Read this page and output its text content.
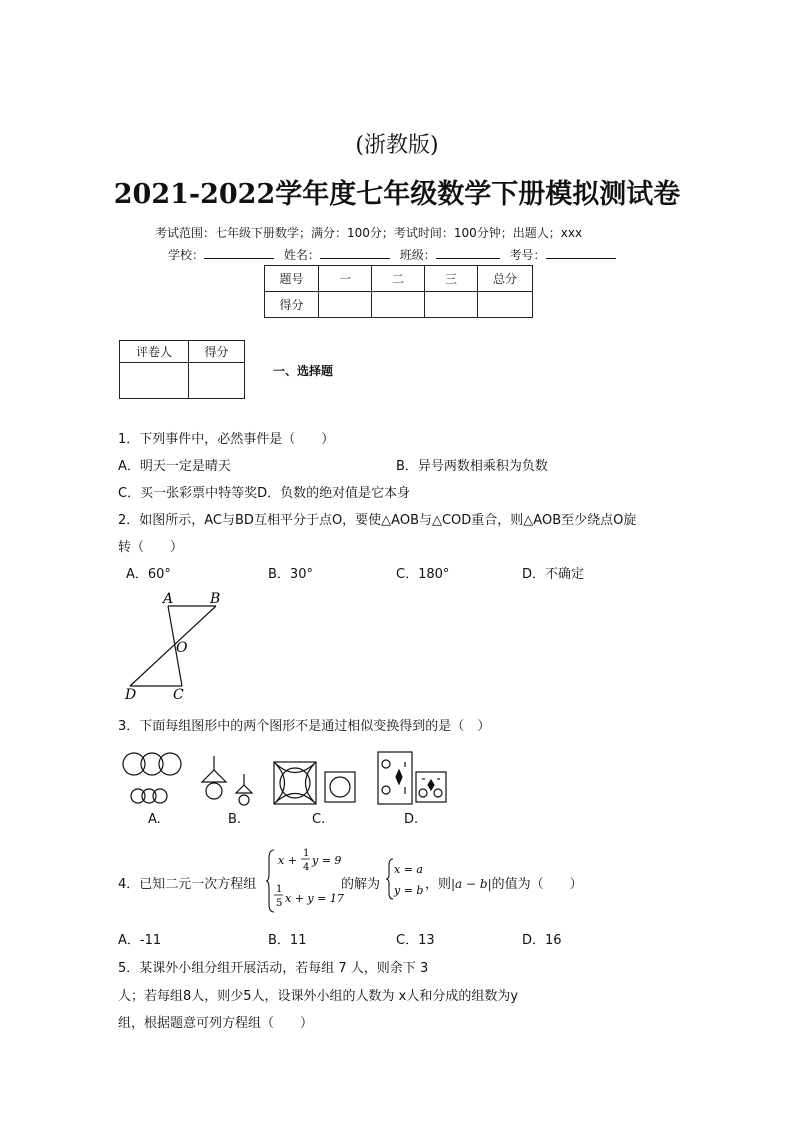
(浙教版)
2021-2022学年度七年级数学下册模拟测试卷
考试范围：七年级下册数学；满分：100分；考试时间：100分钟；出题人；xxx
学校：	姓名：	班级：	考号：
题号	一	二	三	总分
得分				
评卷人	得分

一、选择题
1．下列事件中，必然事件是（　　）
A．明天一定是晴天	B．异号两数相乘积为负数
C．买一张彩票中特等奖D．负数的绝对值是它本身
2．如图所示，AC与BD互相平分于点O，要使△AOB与△COD重合，则△AOB至少绕点O旋
转（　　）
A．60°	B．30°	C．180°	D．不确定
A	B
O
D	C
3．下面每组图形中的两个图形不是通过相似变换得到的是（　）
A.	B.	C.	D.
4．已知二元一次方程组
x +
1
4
y = 9
1
5 x + y = 17
的解为
x = a
y = b ，则|a − b|的值为（　　）
A．-11	B．11	C．13	D．16
5．某课外小组分组开展活动，若每组 7 人，则余下 3
人；若每组8人，则少5人，设课外小组的人数为 x人和分成的组数为y
组，根据题意可列方程组（　　）
